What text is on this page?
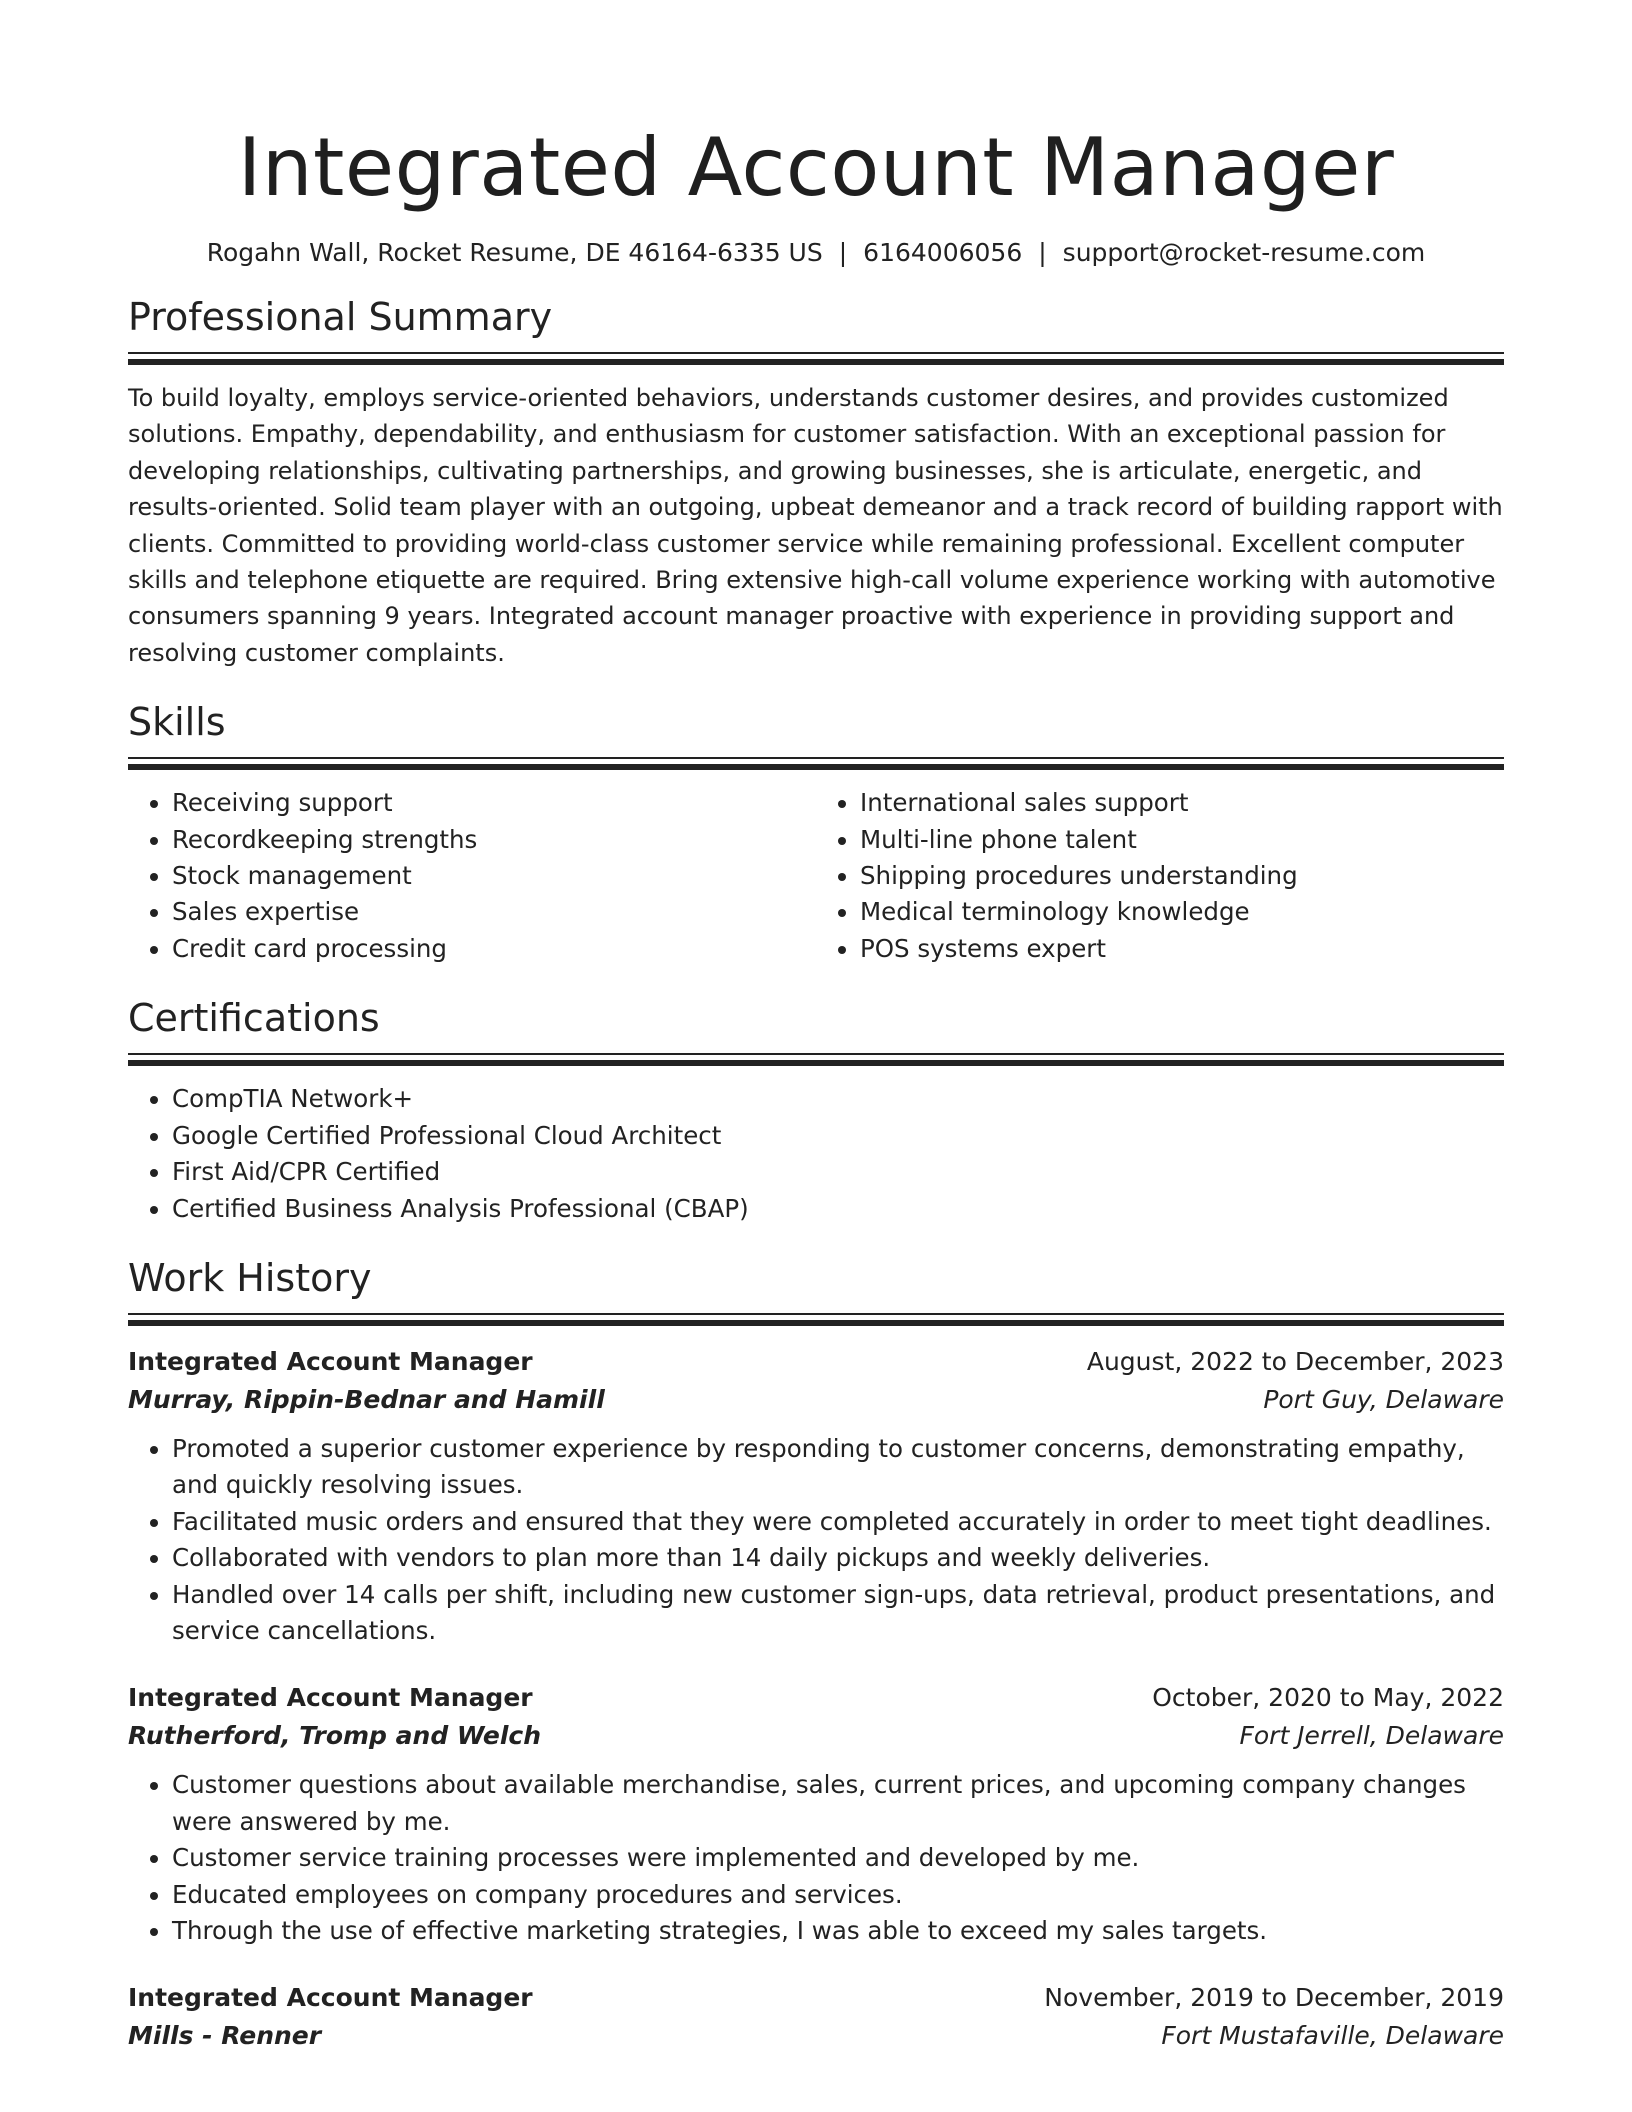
Integrated Account Manager
Rogahn Wall, Rocket Resume, DE 46164-6335 US | 6164006056 | support@rocket-resume.com
Professional Summary

To build loyalty, employs service-oriented behaviors, understands customer desires, and provides customized solutions. Empathy, dependability, and enthusiasm for customer satisfaction. With an exceptional passion for developing relationships, cultivating partnerships, and growing businesses, she is articulate, energetic, and results-oriented. Solid team player with an outgoing, upbeat demeanor and a track record of building rapport with clients. Committed to providing world-class customer service while remaining professional. Excellent computer skills and telephone etiquette are required. Bring extensive high-call volume experience working with automotive consumers spanning 9 years. Integrated account manager proactive with experience in providing support and resolving customer complaints.

Skills
• Receiving support
• Recordkeeping strengths
• Stock management
• Sales expertise
• Credit card processing
• International sales support
• Multi-line phone talent
• Shipping procedures understanding
• Medical terminology knowledge
• POS systems expert
Certifications
• CompTIA Network+
• Google Certified Professional Cloud Architect
• First Aid/CPR Certified
• Certified Business Analysis Professional (CBAP)
Work History
Integrated Account Manager	August, 2022 to December, 2023
Murray, Rippin-Bednar and Hamill	Port Guy, Delaware
• Promoted a superior customer experience by responding to customer concerns, demonstrating empathy, and quickly resolving issues.
• Facilitated music orders and ensured that they were completed accurately in order to meet tight deadlines.
• Collaborated with vendors to plan more than 14 daily pickups and weekly deliveries.
• Handled over 14 calls per shift, including new customer sign-ups, data retrieval, product presentations, and service cancellations.
Integrated Account Manager	October, 2020 to May, 2022
Rutherford, Tromp and Welch	Fort Jerrell, Delaware
• Customer questions about available merchandise, sales, current prices, and upcoming company changes were answered by me.
• Customer service training processes were implemented and developed by me.
• Educated employees on company procedures and services.
• Through the use of effective marketing strategies, I was able to exceed my sales targets.
Integrated Account Manager	November, 2019 to December, 2019
Mills - Renner	Fort Mustafaville, Delaware
